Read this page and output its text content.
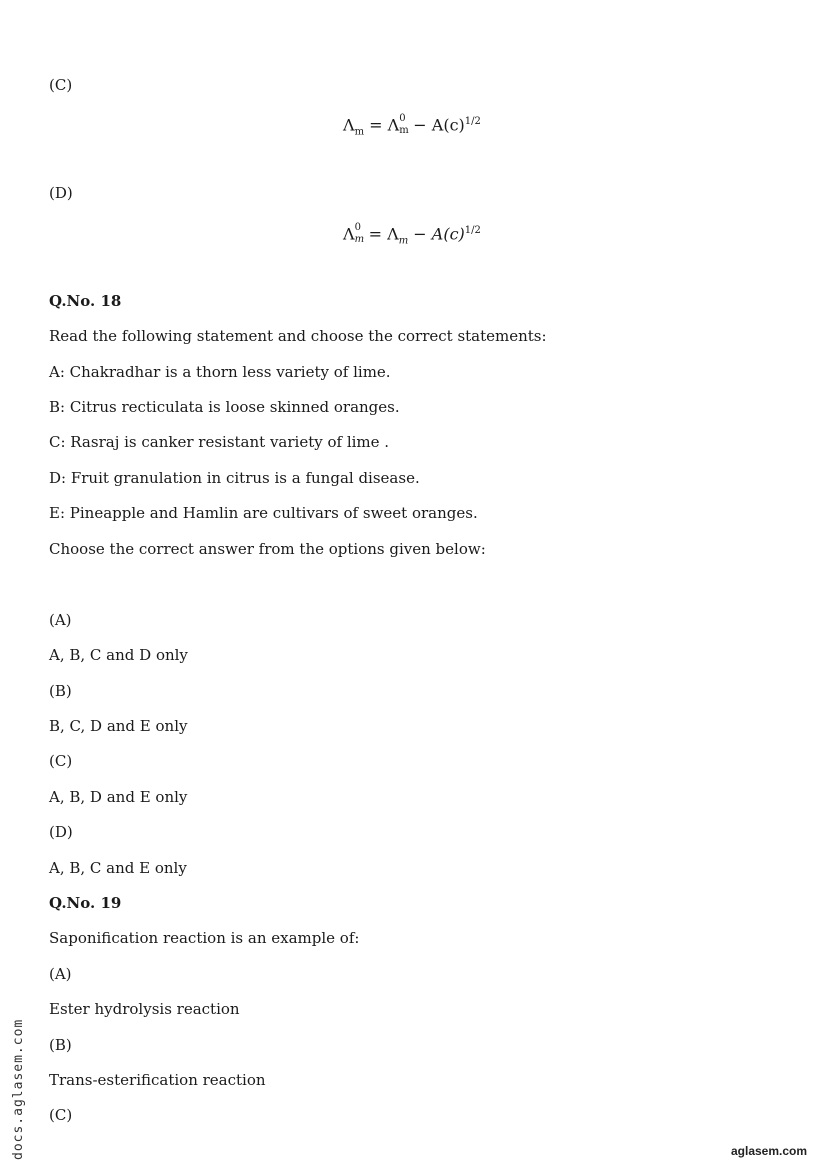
(C)
$\Lambda_m = \Lambda$ 0
$m - A(c)^{1/2}$
(D)
Λ 0
$m = \Lambda_m - A(c)^{1/2}$
Q.No. 18
Read the following statement and choose the correct statements:
A: Chakradhar is a thorn less variety of lime.
B: Citrus recticulata is loose skinned oranges.
C: Rasraj is canker resistant variety of lime .
D: Fruit granulation in citrus is a fungal disease.
E: Pineapple and Hamlin are cultivars of sweet oranges.
Choose the correct answer from the options given below:
(A)
A, B, C and D only
(B)
B, C, D and E only
(C)
A, B, D and E only
(D)
A, B, C and E only
Q.No. 19
Saponification reaction is an example of:
(A)
Ester hydrolysis reaction
(B)
Trans-esterification reaction
(C)
docs.aglasem.com	aglasem.com
